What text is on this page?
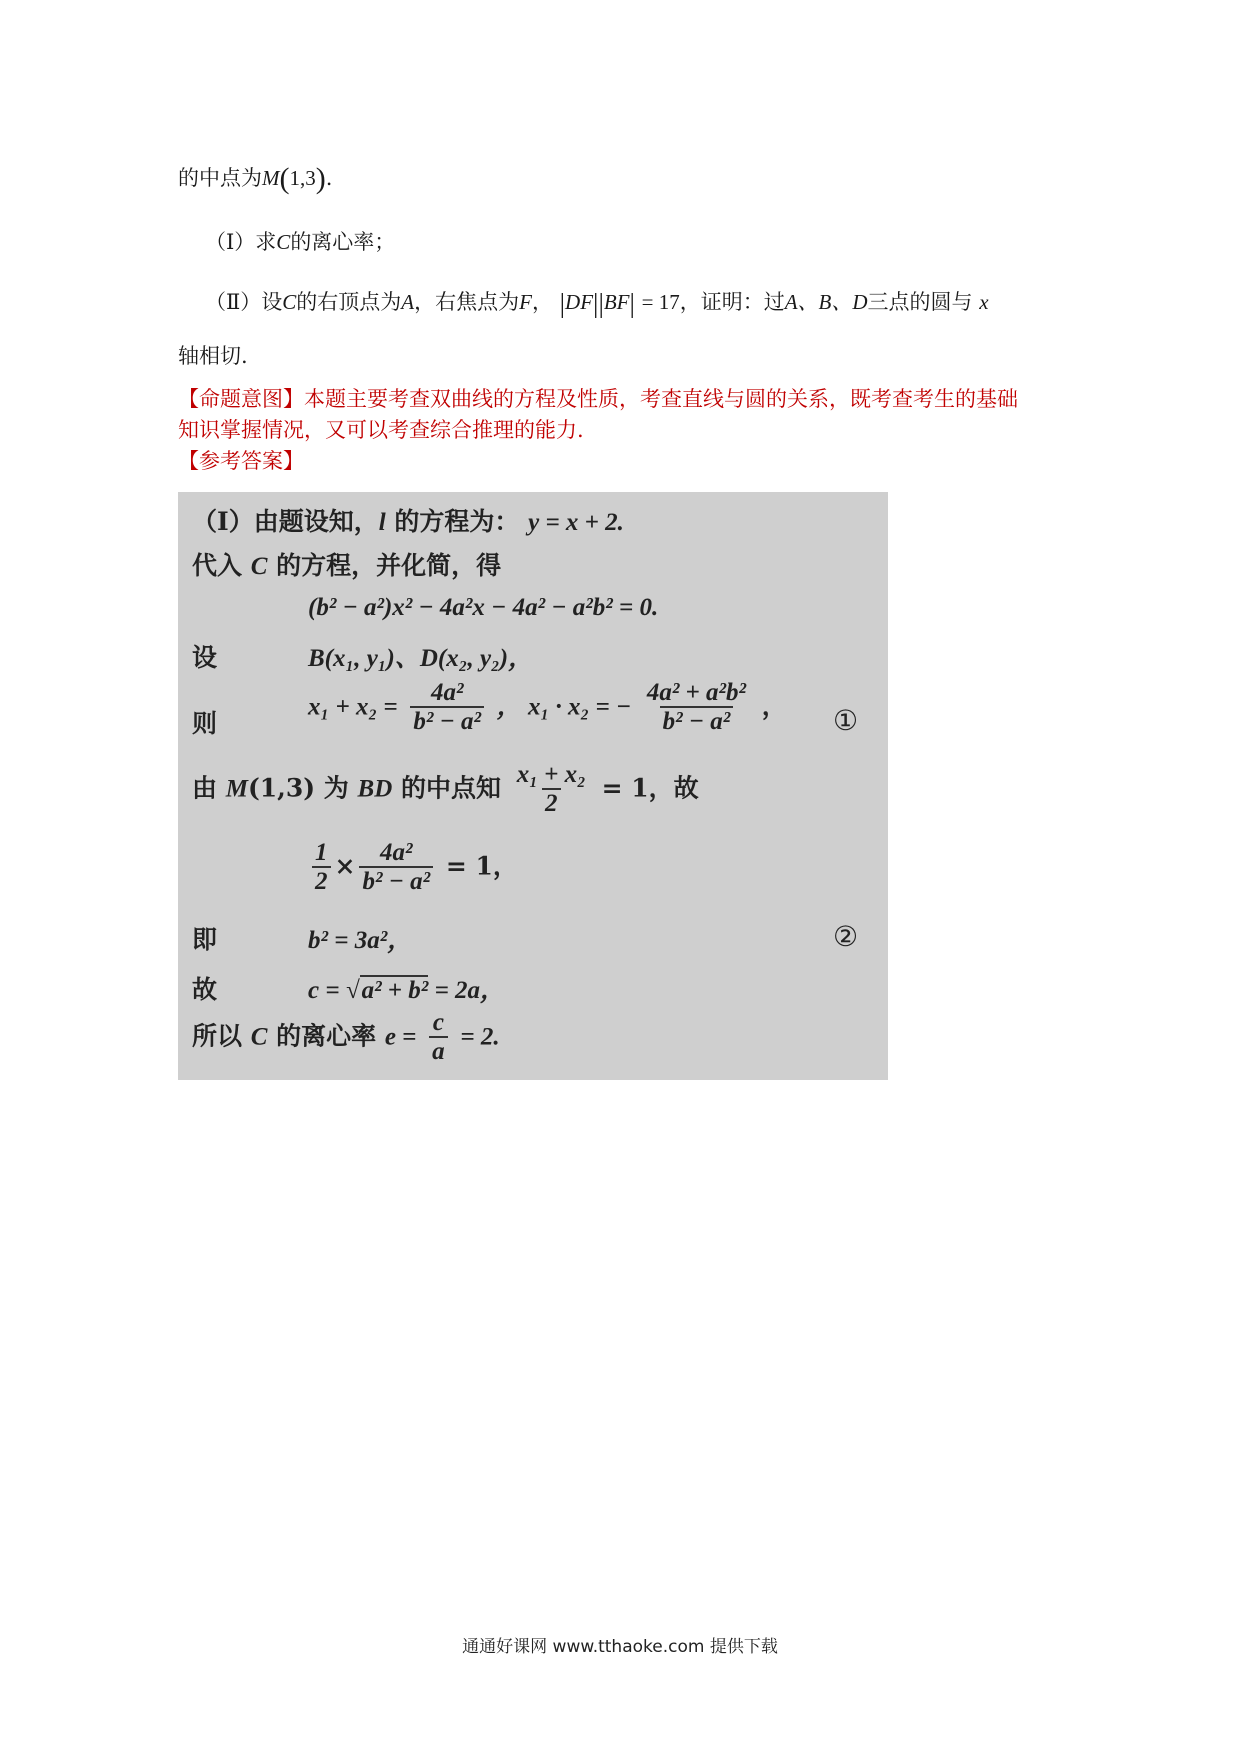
的中点为M(1,3).
（Ⅰ）求C的离心率；
（Ⅱ）设C的右顶点为A，右焦点为F， |DF||BF| = 17，证明：过A、B、D三点的圆与 x
轴相切.
【命题意图】本题主要考查双曲线的方程及性质，考查直线与圆的关系，既考查考生的基础
知识掌握情况，又可以考查综合推理的能力.
【参考答案】
（Ⅰ）由题设知，l 的方程为： y = x + 2.
代入 C 的方程，并化简，得
(b² − a²)x² − 4a²x − 4a² − a²b² = 0.
设	B(x₁, y₁)、D(x₂, y₂)，
则
$x_1 + x_2 = \frac{\text{4a²}}{\text{b² − a²}}$ ， x₁ · x₂ = − $\frac{\text{4a² + a²b²}}{\text{b² − a²}}$ ， ①
由 M(1,3) 为 BD 的中点知 $\frac{\text{x₁ + x₂}}{2} = 1$，故
$\frac{1}{2} \times \frac{\text{4a²}}{\text{b² − a²}} = 1$，
即	b² = 3a²，	②
故	c = √a² + b² = 2a，
所以 C 的离心率 $e = \frac{c}{a} = 2$.
通通好课网 www.tthaoke.com 提供下载
